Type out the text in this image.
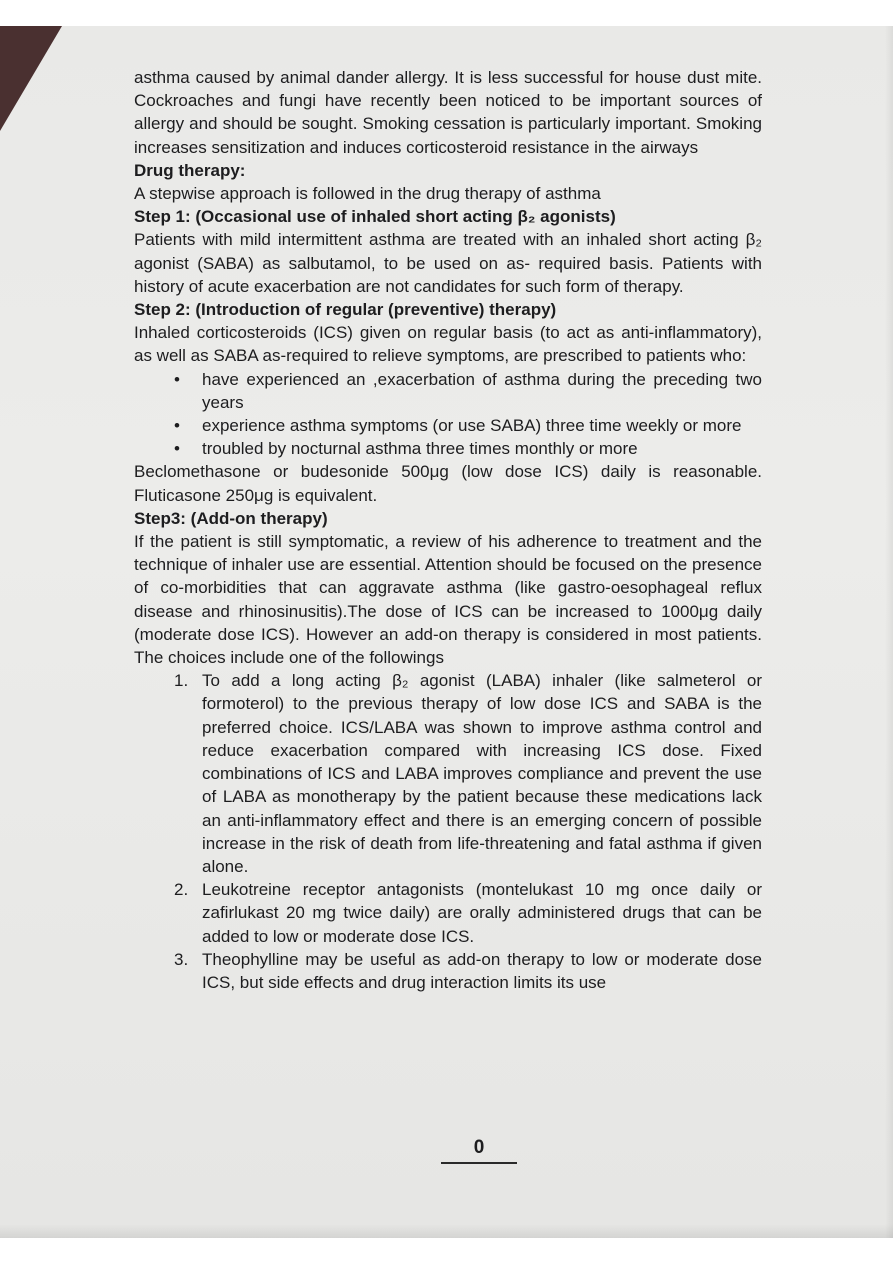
asthma caused by animal dander allergy. It is less successful for house dust mite. Cockroaches and fungi have recently been noticed to be important sources of allergy and should be sought. Smoking cessation is particularly important. Smoking increases sensitization and induces corticosteroid resistance in the airways

Drug therapy:

A stepwise approach is followed in the drug therapy of asthma

Step 1: (Occasional use of inhaled short acting β₂ agonists)

Patients with mild intermittent asthma are treated with an inhaled short acting β₂ agonist (SABA) as salbutamol, to be used on as- required basis. Patients with history of acute exacerbation are not candidates for such form of therapy.

Step 2: (Introduction of regular (preventive) therapy)

Inhaled corticosteroids (ICS) given on regular basis (to act as anti-inflammatory), as well as SABA as-required to relieve symptoms, are prescribed to patients who:

• have experienced an ,exacerbation of asthma during the preceding two years
• experience asthma symptoms (or use SABA) three time weekly or more
• troubled by nocturnal asthma three times monthly or more

Beclomethasone or budesonide 500μg (low dose ICS) daily is reasonable. Fluticasone 250μg is equivalent.

Step3: (Add-on therapy)

If the patient is still symptomatic, a review of his adherence to treatment and the technique of inhaler use are essential. Attention should be focused on the presence of co-morbidities that can aggravate asthma (like gastro-oesophageal reflux disease and rhinosinusitis).The dose of ICS can be increased to 1000μg daily (moderate dose ICS). However an add-on therapy is considered in most patients. The choices include one of the followings

1. To add a long acting β₂ agonist (LABA) inhaler (like salmeterol or formoterol) to the previous therapy of low dose ICS and SABA is the preferred choice. ICS/LABA was shown to improve asthma control and reduce exacerbation compared with increasing ICS dose. Fixed combinations of ICS and LABA improves compliance and prevent the use of LABA as monotherapy by the patient because these medications lack an anti-inflammatory effect and there is an emerging concern of possible increase in the risk of death from life-threatening and fatal asthma if given alone.
2. Leukotreine receptor antagonists (montelukast 10 mg once daily or zafirlukast 20 mg twice daily) are orally administered drugs that can be added to low or moderate dose ICS.
3. Theophylline may be useful as add-on therapy to low or moderate dose ICS, but side effects and drug interaction limits its use
0
